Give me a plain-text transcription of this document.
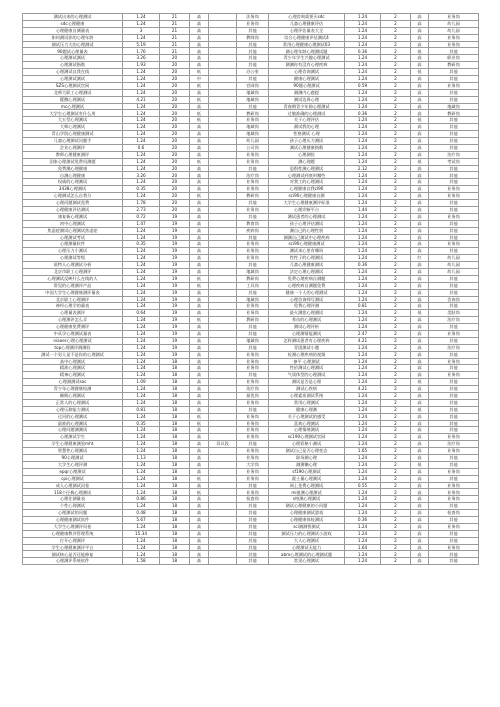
测试出来的心理测试	1.24	21	高		法务岗	心理咨询需要买sdc	1.24	2	高	业务岗
sdc心理健康	1.24	21	高		业务岗	儿童心理健康评估	1.24	2	高	幼儿园
心理健康自测量表	3	21	高		其他	心理评估量表大全	1.24	2	高	幼儿园
如何测试你的心理年龄	1.24	21	高		教师岗	综合心理健康评估测试4	1.24	2	高	业务岗
测试压力大的心理测试	5.19	21	高		其他	常用心理健康心理测试03	1.24	2	高	业务岗
90题试心理量表	1.76	21	高		其他	测心理年龄心理测试题	0.36	2	低	其他
心理测试测试	3.26	20	高		其他	青少年学生兴趣心理测试	1.24	2	高	职业岗
心理测试指数	1.93	20	高		其他	测测你有没有心理疾病	1.24	2	高	教研岗
心理测试自我在线	1.24	20	低		办公室	心理咨询测试	1.24	2	低	其他
心理测试测试	1.24	20	中		其他	健康心理测试	1.24	2	高	其他
SZS心理测试官网	1.24	20	低		官网岗	90题心理测试	0.59	2	高	业务岗
北师大职工心理测试	1.24	20	高		地域岗	测测内心鹿提	1.24	2	高	其他
疑撒心理测试	4.21	20	低		地域岗	测试边界心理	1.24	2	高	其他
mc心理测试	1.24	20	高		其他	青春期青少年抑心理测试	1.24	2	高	地域岗
大学生心理测试有什么用	1.24	20	低		教研岗	过敏准确的心理测试	0.36	2	高	教研岗
大五型心理测试	1.24	20	低		业务岗	关于心理评估	1.24	2	低	其他
大师心理测试	1.24	20	高		地域岗	测试我的心理	1.24	2	高	其他
青山学院心理健康测试	1.24	20	高		地域岗	性格测试 心理	1.24	2	高	其他
儿童心理测试问题手	1.24	20	高		幼儿园	孩子心理压力测试	1.24	2	高	其他
企业心理测评	0.6	20	高		公司岗	测试心理健康指数	1.24	2	高	其他
教师心理健康测评	1.24	20	高		业务岗	心理测验	1.24	2	高	治疗岗
国家心理测试免费问测题	1.24	20	低		业务岗	测心理题	1.24	2	低	考试岗
免费测心理健康	1.24	20	高		其他	恐惧性测心理测试	2.12	2	高	其他
自测心理健康	3.26	20	高		治疗岗	心理测试到底叫哪些	1.24	2	高	其他
权威的心理测试	1.24	20	高		业务岗	对我工的心理测试	1.24	2	高	其他
3438心理测试	0.35	20	高		业务岗	心理健康自我cl90	1.24	2	高	业务岗
心理测试怎么自我分	1.24	20	低		教研岗	sci90心理健康自测	1.24	2	高	业务岗
心理问题测试免费	1.78	20	高		其他	大学生心理健康测评标准	1.24	2	高	其他
心理健康评估测试	2.73	20	高		业务岗	心理诊断平台	1.44	2	高	其他
康复新心理测试	0.72	19	高		其他	测试患者的心理测试	1.24	2	高	业务岗
初中心理测试	1.47	19	高		教育岗	孩子心理评估测试	1.24	2	高	其他
焦虑症测试心理测试焦虑症	1.24	19	高		疾病岗	测自己的心理性别	1.24	2	高	其他
心理测试考试	1.24	19	高		其他	测测自己测试中心理疾病	1.24	2	高	其他
心理测量软件	0.35	19	高		业务岗	sci90心理健康测试	1.24	2	高	业务岗
心理压力小测试	1.24	19	高		业务岗	测试来心里有哪吗	1.24	2	高	其他
心理测试等级	1.24	19	高		业务岗	性性子的心理测试	1.24	2	红	幼儿园
质特人心理测试分析	1.24	19	高		其他	儿童心理健康测试	0.36	2	高	幼儿园
北京市职工心理测评	1.24	19	高		地域岗	法定心理心理测试	1.24	2	高	幼儿园
心理测试反映什么在线的人	1.24	19	低		教研岗	免费心理疾病自测题	1.24	2	高	其他
常见的心理测评产品	1.24	19	低		工具岗	心理疾病自测题免费	1.24	2	高	其他
中国大学生心理健康测评量表	1.24	19	高		其他	健康一个人的心理测试	1.24	2	高	其他
北京职工心理测评	1.24	19	高		地域岗	心理咨询师写测试	1.24	2	高	咨询岗
神经心理学的量表	1.24	19	高		业务岗	免费心理评测	0.81	2	高	其他
心理量表测评	0.64	19	高		业务岗	最火测您心理测试	1.24	2	低	美肤岗
心理测评怎么弄	1.24	19	低		教研岗	养动的心理测试	1.24	2	高	治疗岗
心理健康免费测评	1.24	19	高		其他	测试心理评析	1.24	2	高	其他
中从学心理测试量表	1.24	19	高		其他	心理测情能测试	2.47	2	高	业务岗
niaoer心理心理测试	1.24	19	高		地域岗	怎样测试患者有心理疾病	4.21	2	高	其他
top心理测评测测验	1.24	19	高		其他	青团测试小题	1.24	2	高	治疗岗
测试一个男人是不是你的心理测试	1.24	19	高		业务岗	检测心理疾病的视频	1.24	2	高	其他
高中心理测试	1.24	18	高		业务岗	参平 心理测试	1.24	2	高	业务岗
精准心理测试	1.24	18	高		业务岗	性价测试心理测试	1.24	2	高	其他
精神心理测试	1.24	18	高		其他	气质体型的心理测试	1.24	2	高	业务岗
心理测测试soc	1.09	18	高		业务岗	测试是否是心理	1.24	2	低	其他
青少年心理健康检测	1.24	18	高		治疗岗	测试心疾病	4.21	2	高	其他
睡眠心理测试	1.24	18	高		最优岗	心理素质测试系统	1.24	2	高	其他
正常人的心理测试	1.24	18	高		业务岗	常用心理测试	1.24	2	高	其他
心理压抑能力测试	0.81	18	高		其他	健康心理测	1.24	2	低	其他
过河的心理测试	1.24	18	低		业务岗	关于心理测试的感受	1.24	2	高	其他
最准的心理测试	0.35	18	低		业务岗	喜欢心理测试	1.24	2	高	其他
心理问题测测试	1.24	18	高		业务岗	心理情绪测试	1.24	2	高	其他
心理测试学生	1.24	18	高		业务岗	sc190心理测试官网	1.24	2	高	业务岗
学生心理健康测验mht	1.24	18	高	异议段	其他	心理彩秘小测试	1.24	2	高	治疗岗
智慧性心理测试	1.24	18	高		业务岗	测试自己是否心理变态	1.65	2	高	业务岗
90心理测试	1.13	18	高		业务岗	职场测心理	1.24	2	高	其他
大学生心理评测	1.24	18	高		大学岗	测测懒心理	1.24	2	低	其他
epqr心理测试	1.24	18	高		业务岗	sf190心理测试	1.24	2	高	业务岗
cpi心理测试	1.24	18	低		业务岗	霍士量心理测试	1.24	2	高	其他
成人心理测试问卷	1.24	18	高		其他	网上免费心理测试	0.55	2	高	业务岗
118个径典心理测试	1.24	18	低		业务岗	mi值测心理测试	1.24	2	高	业务岗
心理住测量表	0.86	18	高		检查岗	s格测心理测试	1.24	2	高	业务岗
个性心理测试	1.24	18	高		其他	测试心理健康的小问题	1.24	2	高	其他
心理测试的问题	0.48	18	高		其他	心理健康测试游戏	1.24	2	高	检查岗
心理健康测试软件	5.67	18	高		其他	心理健康体检测试	0.36	2	高	其他
大学生心理测评问卷	1.24	18	高		其他	sci测测智测试	1.24	2	高	业务岗
心理健康教评管理系统	15.34	18	高		其他	测试压力的心理测试小游戏	1.24	2	高	其他
打开心理测评	1.24	18	高		其他	大人心理测试	1.24	2	高	其他
学生心理健康测评平台	1.24	18	高		其他	心理测试无能力	1.64	2	高	业务岗
测试核心是否还能修复	1.24	18	高		其他	abm心理测试的心理测试题	1.24	2	高	其他
心理测评系统软件	1.58	18	高		其他	常见心理测试	1.24	2	高	其他
